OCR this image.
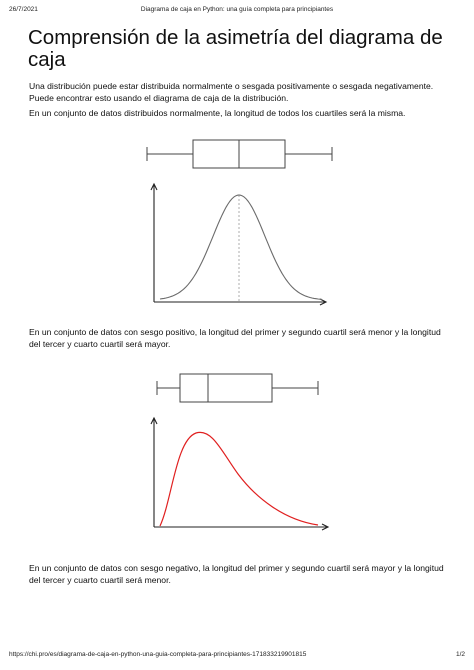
26/7/2021	Diagrama de caja en Python: una guía completa para principiantes
Comprensión de la asimetría del diagrama de caja

Una distribución puede estar distribuida normalmente o sesgada positivamente o sesgada negativamente.

Puede encontrar esto usando el diagrama de caja de la distribución.

En un conjunto de datos distribuidos normalmente, la longitud de todos los cuartiles será la misma.

En un conjunto de datos con sesgo positivo, la longitud del primer y segundo cuartil será menor y la longitud

del tercer y cuarto cuartil será mayor.

En un conjunto de datos con sesgo negativo, la longitud del primer y segundo cuartil será mayor y la longitud

del tercer y cuarto cuartil será menor.

https://chi.pro/es/diagrama-de-caja-en-python-una-guia-completa-para-principiantes-171833219901815	1/2
